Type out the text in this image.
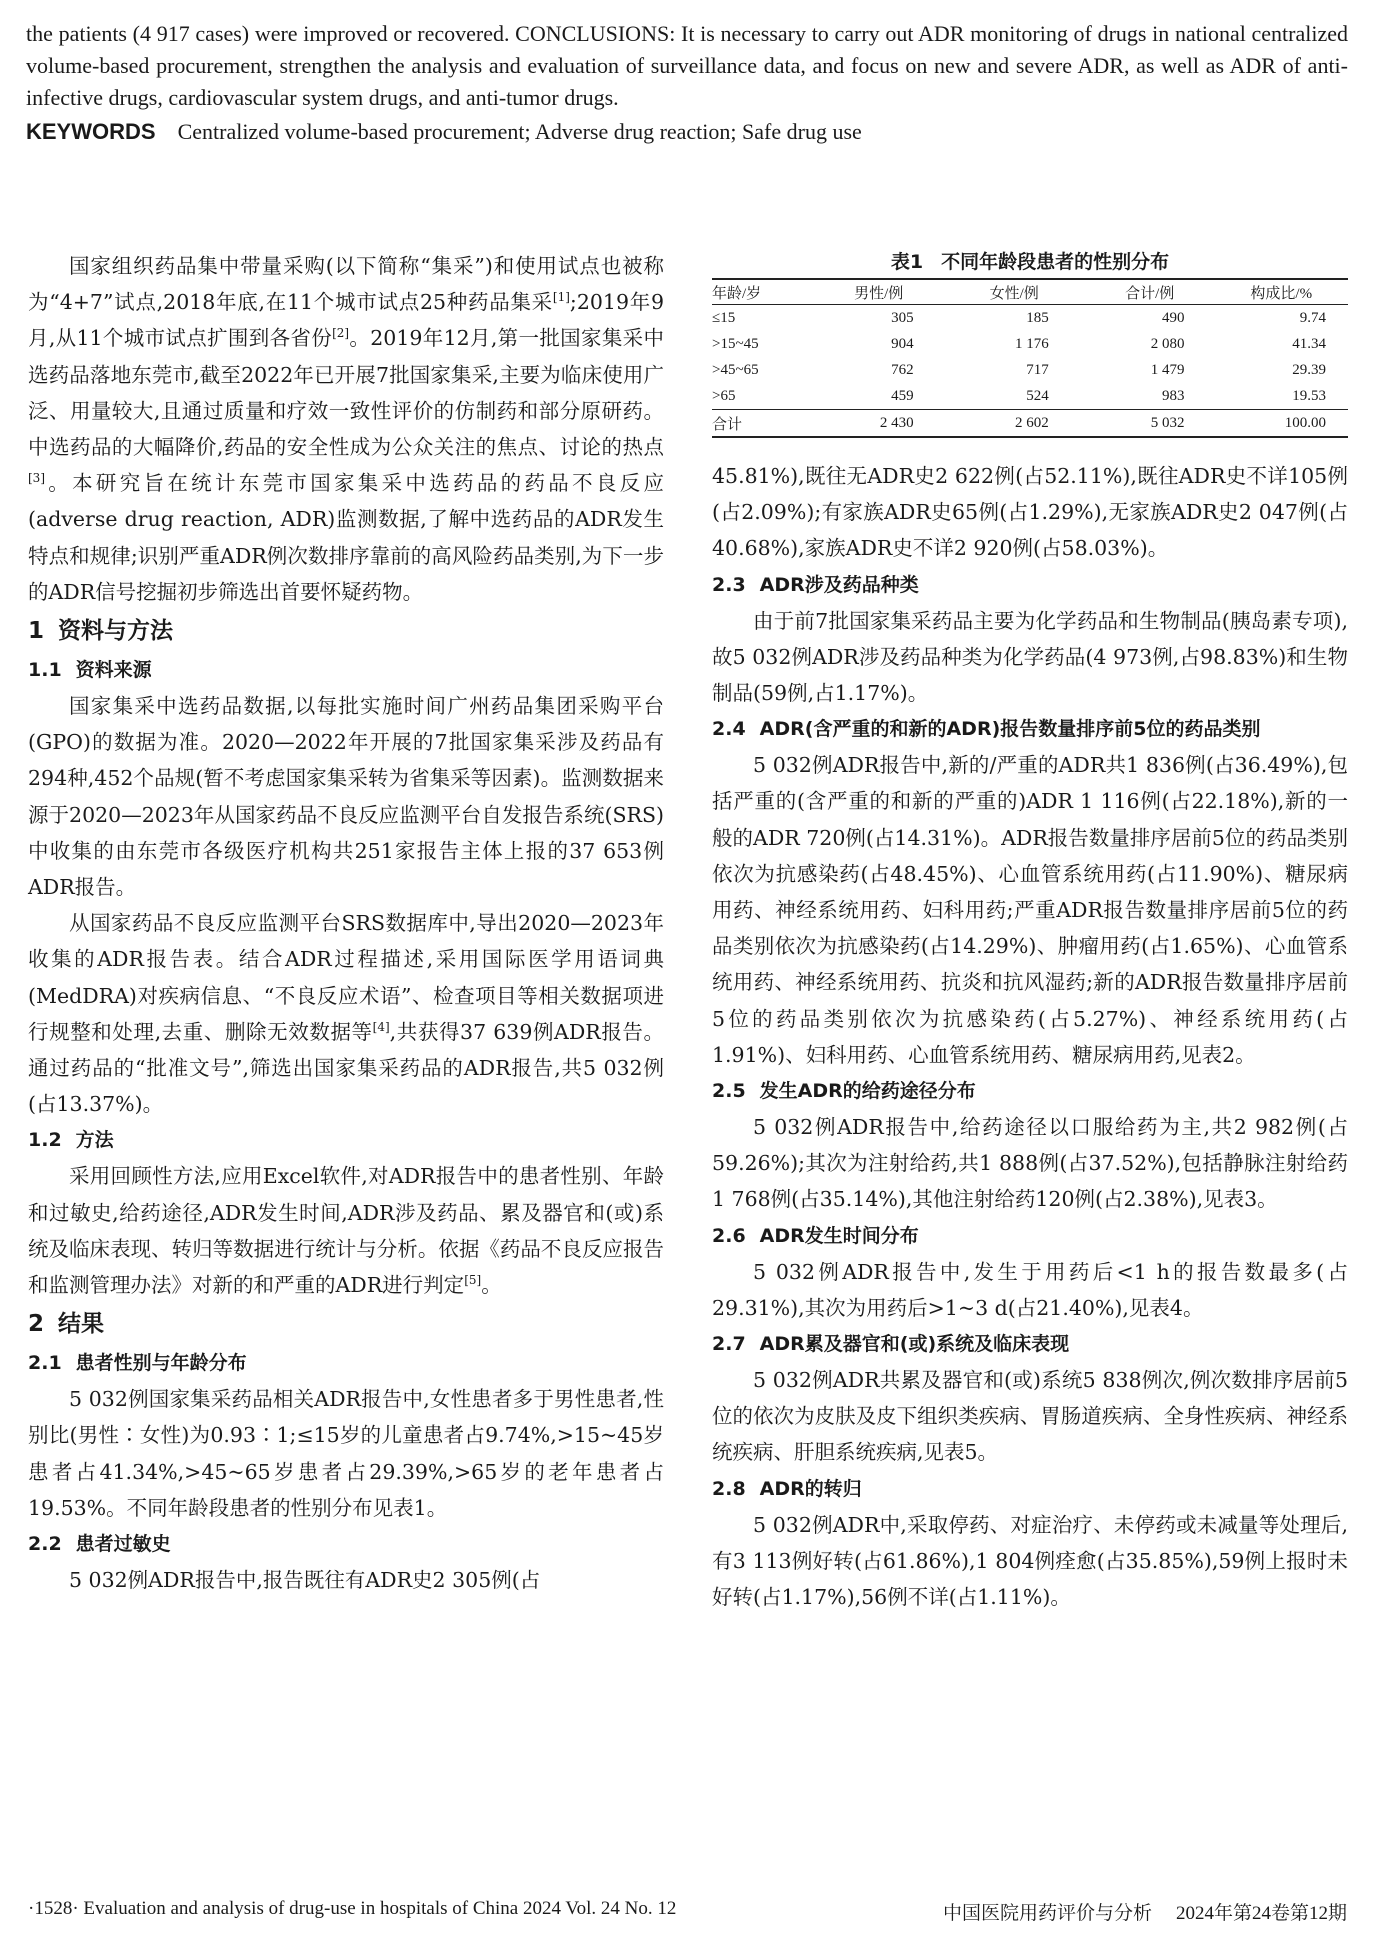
the patients (4 917 cases) were improved or recovered. CONCLUSIONS: It is necessary to carry out ADR monitoring of drugs in national centralized volume-based procurement, strengthen the analysis and evaluation of surveillance data, and focus on new and severe ADR, as well as ADR of anti-infective drugs, cardiovascular system drugs, and anti-tumor drugs.

KEYWORDS Centralized volume-based procurement; Adverse drug reaction; Safe drug use

国家组织药品集中带量采购(以下简称“集采”)和使用试点也被称为“4+7”试点,2018年底,在11个城市试点25种药品集采[1];2019年9月,从11个城市试点扩围到各省份[2]。2019年12月,第一批国家集采中选药品落地东莞市,截至2022年已开展7批国家集采,主要为临床使用广泛、用量较大,且通过质量和疗效一致性评价的仿制药和部分原研药。中选药品的大幅降价,药品的安全性成为公众关注的焦点、讨论的热点[3]。本研究旨在统计东莞市国家集采中选药品的药品不良反应(adverse drug reaction, ADR)监测数据,了解中选药品的ADR发生特点和规律;识别严重ADR例次数排序靠前的高风险药品类别,为下一步的ADR信号挖掘初步筛选出首要怀疑药物。

1 资料与方法

1.1 资料来源

国家集采中选药品数据,以每批实施时间广州药品集团采购平台(GPO)的数据为准。2020—2022年开展的7批国家集采涉及药品有294种,452个品规(暂不考虑国家集采转为省集采等因素)。监测数据来源于2020—2023年从国家药品不良反应监测平台自发报告系统(SRS)中收集的由东莞市各级医疗机构共251家报告主体上报的37 653例ADR报告。

从国家药品不良反应监测平台SRS数据库中,导出2020—2023年收集的ADR报告表。结合ADR过程描述,采用国际医学用语词典(MedDRA)对疾病信息、“不良反应术语”、检查项目等相关数据项进行规整和处理,去重、删除无效数据等[4],共获得37 639例ADR报告。通过药品的“批准文号”,筛选出国家集采药品的ADR报告,共5 032例(占13.37%)。

1.2 方法

采用回顾性方法,应用Excel软件,对ADR报告中的患者性别、年龄和过敏史,给药途径,ADR发生时间,ADR涉及药品、累及器官和(或)系统及临床表现、转归等数据进行统计与分析。依据《药品不良反应报告和监测管理办法》对新的和严重的ADR进行判定[5]。

2 结果

2.1 患者性别与年龄分布

5 032例国家集采药品相关ADR报告中,女性患者多于男性患者,性别比(男性∶女性)为0.93∶1;≤15岁的儿童患者占9.74%,>15~45岁患者占41.34%,>45~65岁患者占29.39%,>65岁的老年患者占19.53%。不同年龄段患者的性别分布见表1。

2.2 患者过敏史

5 032例ADR报告中,报告既往有ADR史2 305例(占

表1 不同年龄段患者的性别分布
年龄/岁	男性/例	女性/例	合计/例	构成比/%
≤15	305	185	490	9.74
>15~45	904	1 176	2 080	41.34
>45~65	762	717	1 479	29.39
>65	459	524	983	19.53
合计	2 430	2 602	5 032	100.00

45.81%),既往无ADR史2 622例(占52.11%),既往ADR史不详105例(占2.09%);有家族ADR史65例(占1.29%),无家族ADR史2 047例(占40.68%),家族ADR史不详2 920例(占58.03%)。

2.3 ADR涉及药品种类

由于前7批国家集采药品主要为化学药品和生物制品(胰岛素专项),故5 032例ADR涉及药品种类为化学药品(4 973例,占98.83%)和生物制品(59例,占1.17%)。

2.4 ADR(含严重的和新的ADR)报告数量排序前5位的药品类别

5 032例ADR报告中,新的/严重的ADR共1 836例(占36.49%),包括严重的(含严重的和新的严重的)ADR 1 116例(占22.18%),新的一般的ADR 720例(占14.31%)。ADR报告数量排序居前5位的药品类别依次为抗感染药(占48.45%)、心血管系统用药(占11.90%)、糖尿病用药、神经系统用药、妇科用药;严重ADR报告数量排序居前5位的药品类别依次为抗感染药(占14.29%)、肿瘤用药(占1.65%)、心血管系统用药、神经系统用药、抗炎和抗风湿药;新的ADR报告数量排序居前5位的药品类别依次为抗感染药(占5.27%)、神经系统用药(占1.91%)、妇科用药、心血管系统用药、糖尿病用药,见表2。

2.5 发生ADR的给药途径分布

5 032例ADR报告中,给药途径以口服给药为主,共2 982例(占59.26%);其次为注射给药,共1 888例(占37.52%),包括静脉注射给药1 768例(占35.14%),其他注射给药120例(占2.38%),见表3。

2.6 ADR发生时间分布

5 032例ADR报告中,发生于用药后<1 h的报告数最多(占29.31%),其次为用药后>1~3 d(占21.40%),见表4。

2.7 ADR累及器官和(或)系统及临床表现

5 032例ADR共累及器官和(或)系统5 838例次,例次数排序居前5位的依次为皮肤及皮下组织类疾病、胃肠道疾病、全身性疾病、神经系统疾病、肝胆系统疾病,见表5。

2.8 ADR的转归

5 032例ADR中,采取停药、对症治疗、未停药或未减量等处理后,有3 113例好转(占61.86%),1 804例痊愈(占35.85%),59例上报时未好转(占1.17%),56例不详(占1.11%)。

·1528· Evaluation and analysis of drug-use in hospitals of China 2024 Vol. 24 No. 12	中国医院用药评价与分析 2024年第24卷第12期
